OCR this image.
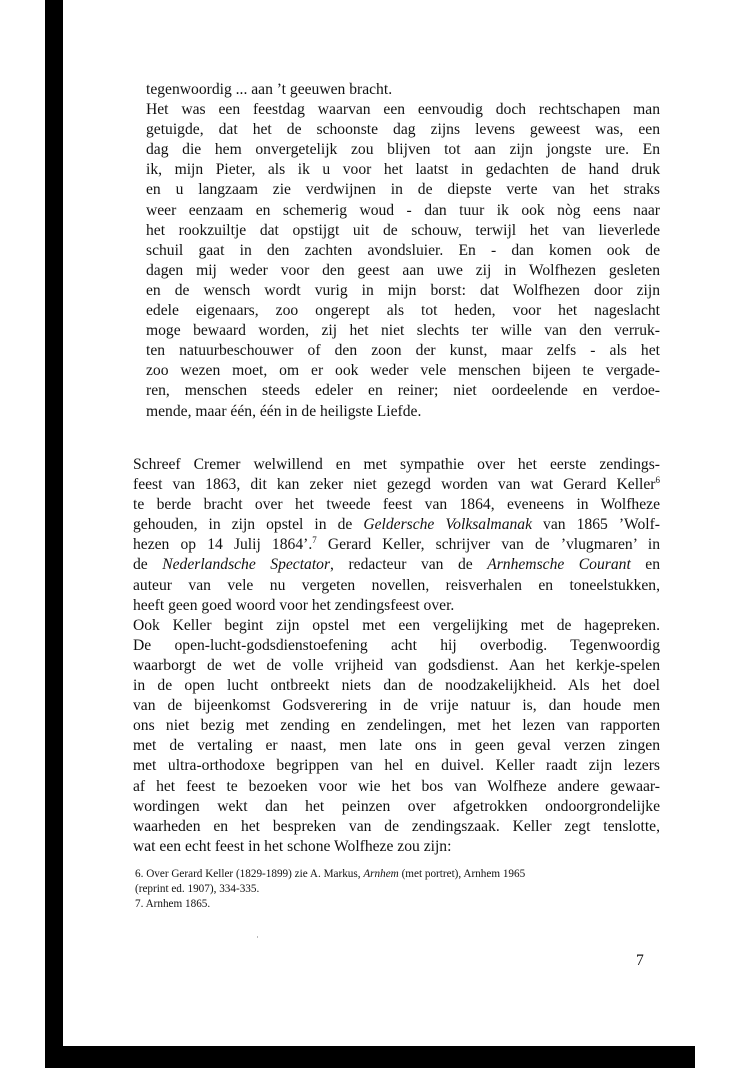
tegenwoordig ... aan ’t geeuwen bracht.
Het was een feestdag waarvan een eenvoudig doch rechtschapen man
getuigde, dat het de schoonste dag zijns levens geweest was, een
dag die hem onvergetelijk zou blijven tot aan zijn jongste ure. En
ik, mijn Pieter, als ik u voor het laatst in gedachten de hand druk
en u langzaam zie verdwijnen in de diepste verte van het straks
weer eenzaam en schemerig woud - dan tuur ik ook nòg eens naar
het rookzuiltje dat opstijgt uit de schouw, terwijl het van lieverlede
schuil gaat in den zachten avondsluier. En - dan komen ook de
dagen mij weder voor den geest aan uwe zij in Wolfhezen gesleten
en de wensch wordt vurig in mijn borst: dat Wolfhezen door zijn
edele eigenaars, zoo ongerept als tot heden, voor het nageslacht
moge bewaard worden, zij het niet slechts ter wille van den verruk-
ten natuurbeschouwer of den zoon der kunst, maar zelfs - als het
zoo wezen moet, om er ook weder vele menschen bijeen te vergade-
ren, menschen steeds edeler en reiner; niet oordeelende en verdoe-
mende, maar één, één in de heiligste Liefde.
Schreef Cremer welwillend en met sympathie over het eerste zendings-
feest van 1863, dit kan zeker niet gezegd worden van wat Gerard Keller$^6$
te berde bracht over het tweede feest van 1864, eveneens in Wolfheze
gehouden, in zijn opstel in de Geldersche Volksalmanak van 1865 ’Wolf-
hezen op 14 Julij 1864’.$^7$ Gerard Keller, schrijver van de ’vlugmaren’ in
de Nederlandsche Spectator, redacteur van de Arnhemsche Courant en
auteur van vele nu vergeten novellen, reisverhalen en toneelstukken,
heeft geen goed woord voor het zendingsfeest over.
Ook Keller begint zijn opstel met een vergelijking met de hagepreken.
De open-lucht-godsdienstoefening acht hij overbodig. Tegenwoordig
waarborgt de wet de volle vrijheid van godsdienst. Aan het kerkje-spelen
in de open lucht ontbreekt niets dan de noodzakelijkheid. Als het doel
van de bijeenkomst Godsverering in de vrije natuur is, dan houde men
ons niet bezig met zending en zendelingen, met het lezen van rapporten
met de vertaling er naast, men late ons in geen geval verzen zingen
met ultra-orthodoxe begrippen van hel en duivel. Keller raadt zijn lezers
af het feest te bezoeken voor wie het bos van Wolfheze andere gewaar-
wordingen wekt dan het peinzen over afgetrokken ondoorgrondelijke
waarheden en het bespreken van de zendingszaak. Keller zegt tenslotte,
wat een echt feest in het schone Wolfheze zou zijn:
6. Over Gerard Keller (1829-1899) zie A. Markus, Arnhem (met portret), Arnhem 1965
(reprint ed. 1907), 334-335.
7. Arnhem 1865.
7
